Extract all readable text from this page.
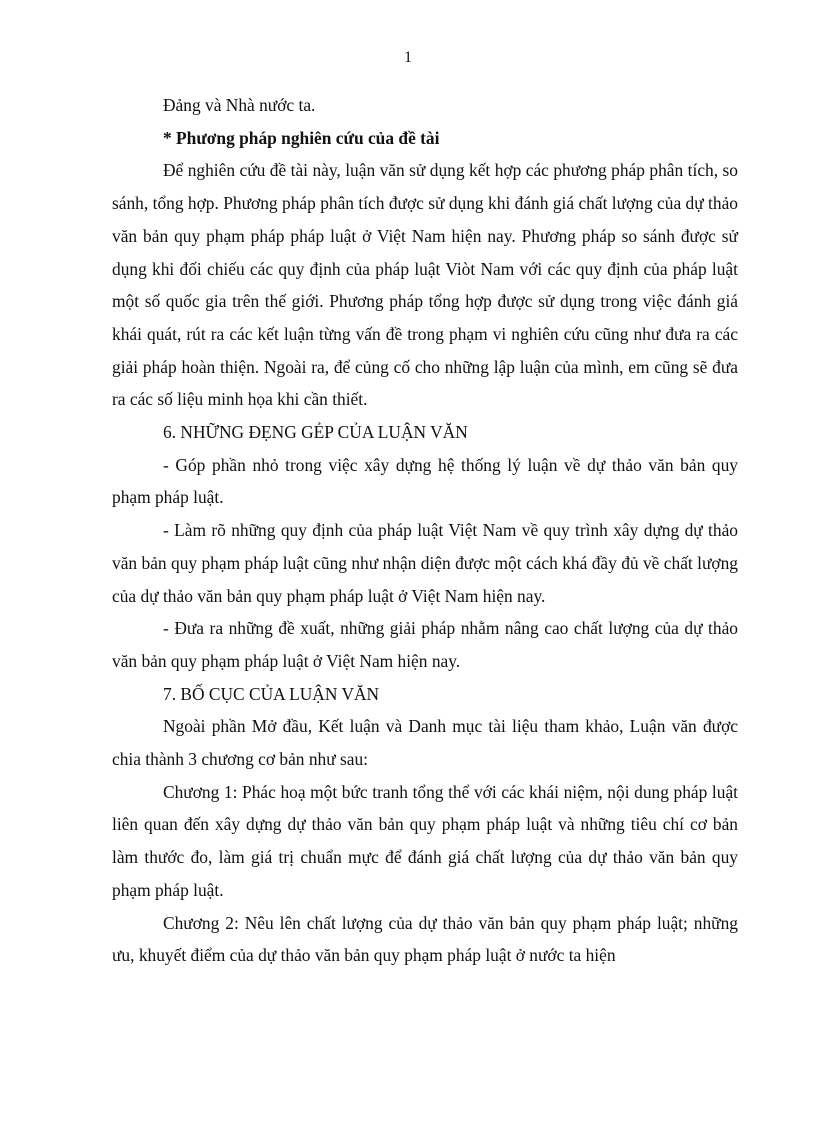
1

Đảng và Nhà nước ta.

* Phương pháp nghiên cứu của đề tài

Để nghiên cứu đề tài này, luận văn sử dụng kết hợp các phương pháp phân tích, so sánh, tổng hợp. Phương pháp phân tích được sử dụng khi đánh giá chất lượng của dự thảo văn bản quy phạm pháp pháp luật ở Việt Nam hiện nay. Phương pháp so sánh được sử dụng khi đối chiếu các quy định của pháp luật Viòt Nam với các quy định của pháp luật một số quốc gia trên thế giới. Phương pháp tổng hợp được sử dụng trong việc đánh giá khái quát, rút ra các kết luận từng vấn đề trong phạm vi nghiên cứu cũng như đưa ra các giải pháp hoàn thiện. Ngoài ra, để củng cố cho những lập luận của mình, em cũng sẽ đưa ra các số liệu minh họa khi cần thiết.

6. NHỮNG ĐẸNG GẺP CỦA LUẬN VĂN

- Góp phần nhỏ trong việc xây dựng hệ thống lý luận về dự thảo văn bản quy phạm pháp luật.

- Làm rõ những quy định của pháp luật Việt Nam về quy trình xây dựng dự thảo văn bản quy phạm pháp luật cũng như nhận diện được một cách khá đầy đủ về chất lượng của dự thảo văn bản quy phạm pháp luật ở Việt Nam hiện nay.

- Đưa ra những đề xuất, những giải pháp nhằm nâng cao chất lượng của dự thảo văn bản quy phạm pháp luật ở Việt Nam hiện nay.

7. BỐ CỤC CỦA LUẬN VĂN

Ngoài phần Mở đầu, Kết luận và Danh mục tài liệu tham khảo, Luận văn được chia thành 3 chương cơ bản như sau:

Chương 1: Phác hoạ một bức tranh tổng thể với các khái niệm, nội dung pháp luật liên quan đến xây dựng dự thảo văn bản quy phạm pháp luật và những tiêu chí cơ bản làm thước đo, làm giá trị chuẩn mực để đánh giá chất lượng của dự thảo văn bản quy phạm pháp luật.

Chương 2: Nêu lên chất lượng của dự thảo văn bản quy phạm pháp luật; những ưu, khuyết điểm của dự thảo văn bản quy phạm pháp luật ở nước ta hiện
